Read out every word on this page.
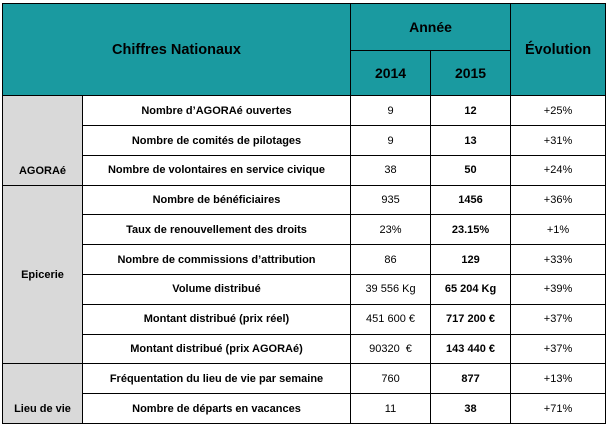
Chiffres Nationaux		Année		Évolution
		2014	2015	

AGORAé	Nombre d’AGORAé ouvertes	9	12	+25%
	Nombre de comités de pilotages	9	13	+31%
	Nombre de volontaires en service civique	38	50	+24%

Epicerie	Nombre de bénéficiaires	935	1456	+36%
	Taux de renouvellement des droits	23%	23.15%	+1%
	Nombre de commissions d’attribution	86	129	+33%
	Volume distribué	39 556 Kg	65 204 Kg	+39%
	Montant distribué (prix réel)	451 600 €	717 200 €	+37%
	Montant distribué (prix AGORAé)	90320  €	143 440 €	+37%

Lieu de vie	Fréquentation du lieu de vie par semaine	760	877	+13%
	Nombre de départs en vacances	11	38	+71%
